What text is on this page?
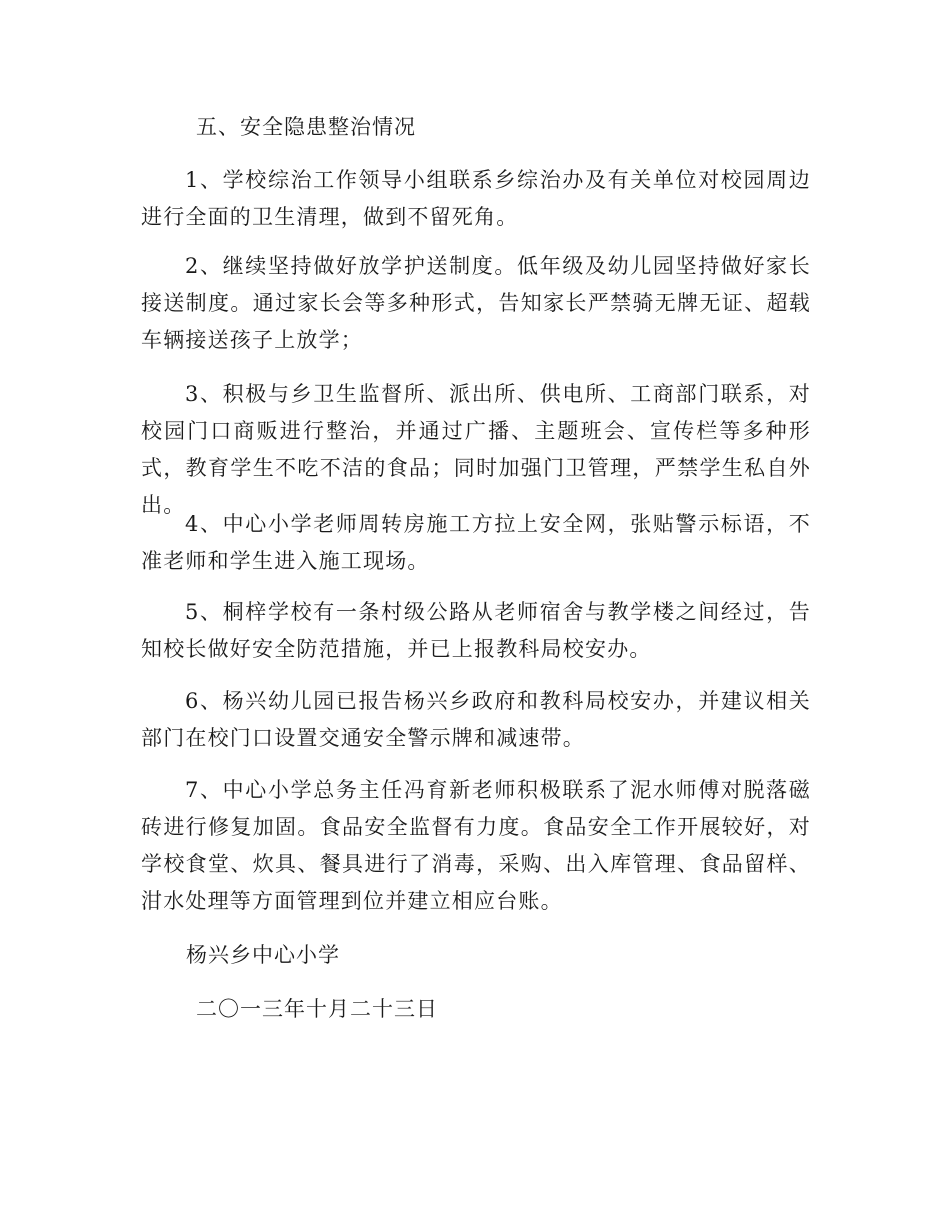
五、安全隐患整治情况

1、学校综治工作领导小组联系乡综治办及有关单位对校园周边进行全面的卫生清理，做到不留死角。

2、继续坚持做好放学护送制度。低年级及幼儿园坚持做好家长接送制度。通过家长会等多种形式，告知家长严禁骑无牌无证、超载车辆接送孩子上放学；

3、积极与乡卫生监督所、派出所、供电所、工商部门联系，对校园门口商贩进行整治，并通过广播、主题班会、宣传栏等多种形式，教育学生不吃不洁的食品；同时加强门卫管理，严禁学生私自外出。

4、中心小学老师周转房施工方拉上安全网，张贴警示标语，不准老师和学生进入施工现场。

5、桐梓学校有一条村级公路从老师宿舍与教学楼之间经过，告知校长做好安全防范措施，并已上报教科局校安办。

6、杨兴幼儿园已报告杨兴乡政府和教科局校安办，并建议相关部门在校门口设置交通安全警示牌和减速带。

7、中心小学总务主任冯育新老师积极联系了泥水师傅对脱落磁砖进行修复加固。食品安全监督有力度。食品安全工作开展较好，对学校食堂、炊具、餐具进行了消毒，采购、出入库管理、食品留样、泔水处理等方面管理到位并建立相应台账。

杨兴乡中心小学
二〇一三年十月二十三日
